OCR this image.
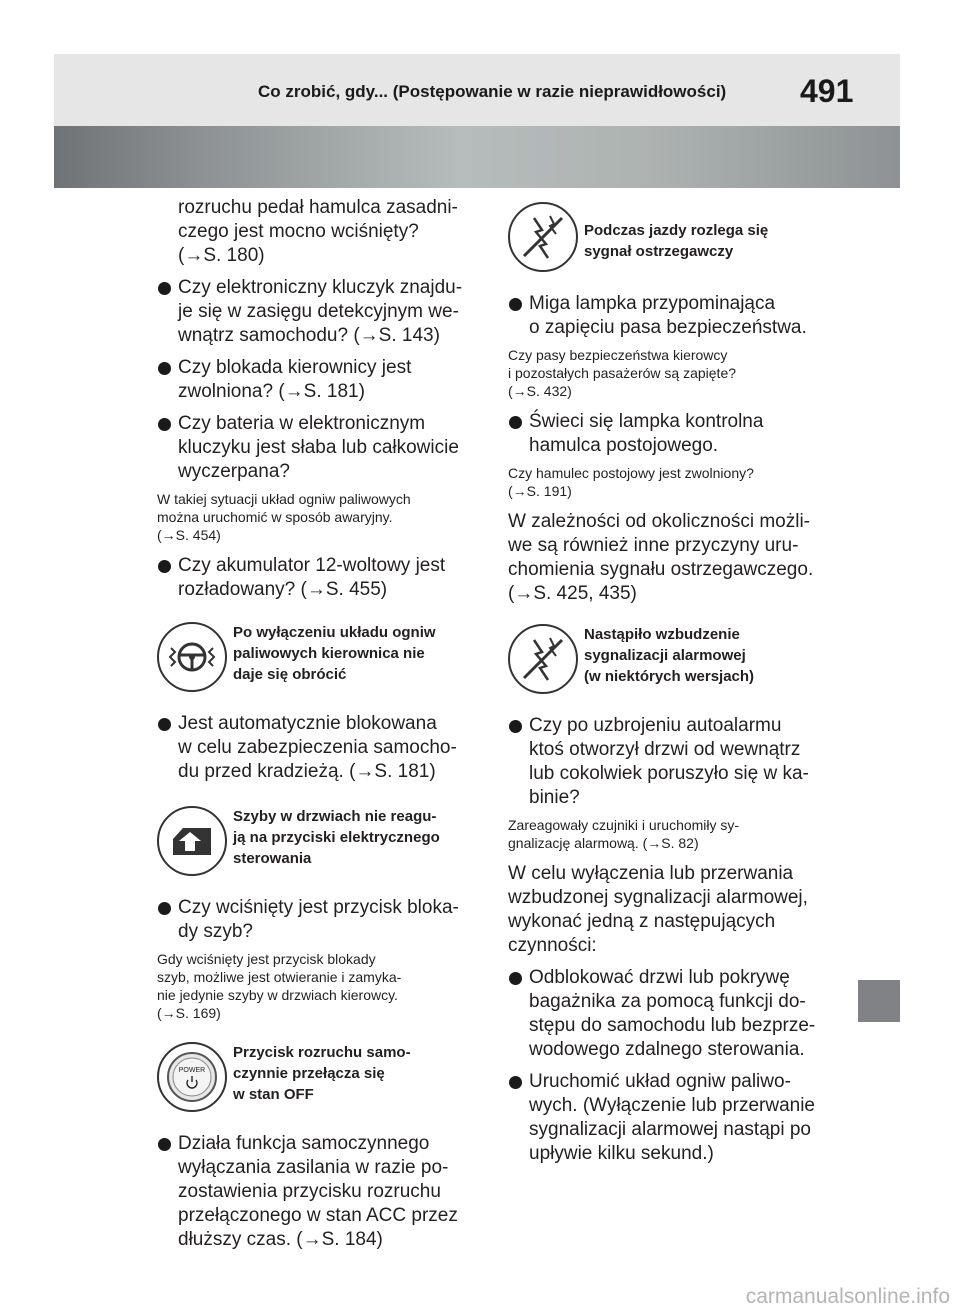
Co zrobić, gdy... (Postępowanie w razie nieprawidłowości) 491
rozruchu pedał hamulca zasadni-
czego jest mocno wciśnięty?
(→S. 180)
Czy elektroniczny kluczyk znajdu-
je się w zasięgu detekcyjnym we-
wnątrz samochodu? (→S. 143)
Czy blokada kierownicy jest
zwolniona? (→S. 181)
Czy bateria w elektronicznym
kluczyku jest słaba lub całkowicie
wyczerpana?
W takiej sytuacji układ ogniw paliwowych
można uruchomić w sposób awaryjny.
(→S. 454)
Czy akumulator 12-woltowy jest
rozładowany? (→S. 455)
Po wyłączeniu układu ogniw
paliwowych kierownica nie
daje się obrócić
Jest automatycznie blokowana
w celu zabezpieczenia samocho-
du przed kradzieżą. (→S. 181)
Szyby w drzwiach nie reagu-
ją na przyciski elektrycznego
sterowania
Czy wciśnięty jest przycisk bloka-
dy szyb?
Gdy wciśnięty jest przycisk blokady
szyb, możliwe jest otwieranie i zamyka-
nie jedynie szyby w drzwiach kierowcy.
(→S. 169)
POWER
Przycisk rozruchu samo-
czynnie przełącza się
w stan OFF
Działa funkcja samoczynnego
wyłączania zasilania w razie po-
zostawienia przycisku rozruchu
przełączonego w stan ACC przez
dłuższy czas. (→S. 184)
Podczas jazdy rozlega się
sygnał ostrzegawczy
Miga lampka przypominająca
o zapięciu pasa bezpieczeństwa.
Czy pasy bezpieczeństwa kierowcy
i pozostałych pasażerów są zapięte?
(→S. 432)
Świeci się lampka kontrolna
hamulca postojowego.
Czy hamulec postojowy jest zwolniony?
(→S. 191)
W zależności od okoliczności możli-
we są również inne przyczyny uru-
chomienia sygnału ostrzegawczego.
(→S. 425, 435)
Nastąpiło wzbudzenie
sygnalizacji alarmowej
(w niektórych wersjach)
Czy po uzbrojeniu autoalarmu
ktoś otworzył drzwi od wewnątrz
lub cokolwiek poruszyło się w ka-
binie?
Zareagowały czujniki i uruchomiły sy-
gnalizację alarmową. (→S. 82)
W celu wyłączenia lub przerwania
wzbudzonej sygnalizacji alarmowej,
wykonać jedną z następujących
czynności:
Odblokować drzwi lub pokrywę
bagażnika za pomocą funkcji do-
stępu do samochodu lub bezprze-
wodowego zdalnego sterowania.
Uruchomić układ ogniw paliwo-
wych. (Wyłączenie lub przerwanie
sygnalizacji alarmowej nastąpi po
upływie kilku sekund.)
carmanualsonline.info
